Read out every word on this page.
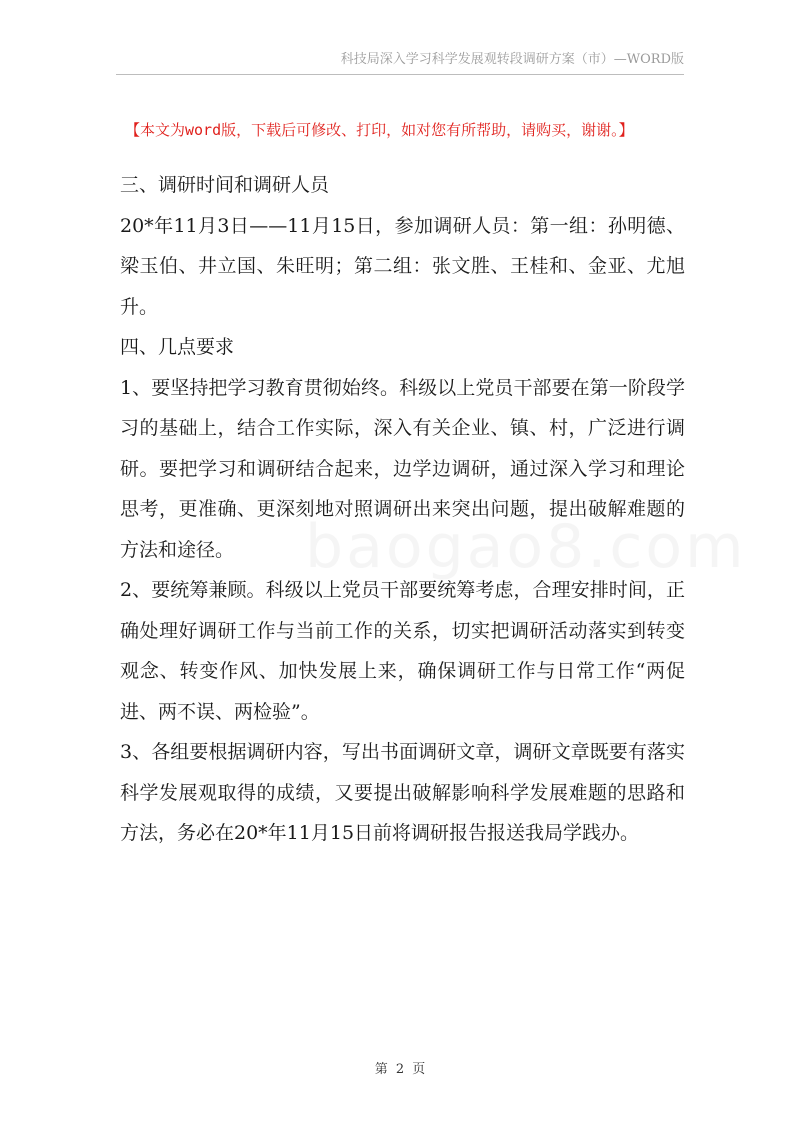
科技局深入学习科学发展观转段调研方案（市）—WORD版
【本文为word版，下载后可修改、打印，如对您有所帮助，请购买，谢谢。】
baogao8.com

三、调研时间和调研人员

20*年11月3日——11月15日，参加调研人员：第一组：孙明德、梁玉伯、井立国、朱旺明；第二组：张文胜、王桂和、金亚、尤旭升。

四、几点要求

1、要坚持把学习教育贯彻始终。科级以上党员干部要在第一阶段学习的基础上，结合工作实际，深入有关企业、镇、村，广泛进行调研。要把学习和调研结合起来，边学边调研，通过深入学习和理论思考，更准确、更深刻地对照调研出来突出问题，提出破解难题的方法和途径。

2、要统筹兼顾。科级以上党员干部要统筹考虑，合理安排时间，正确处理好调研工作与当前工作的关系，切实把调研活动落实到转变观念、转变作风、加快发展上来，确保调研工作与日常工作“两促进、两不误、两检验”。

3、各组要根据调研内容，写出书面调研文章，调研文章既要有落实科学发展观取得的成绩，又要提出破解影响科学发展难题的思路和方法，务必在20*年11月15日前将调研报告报送我局学践办。

第 2 页
